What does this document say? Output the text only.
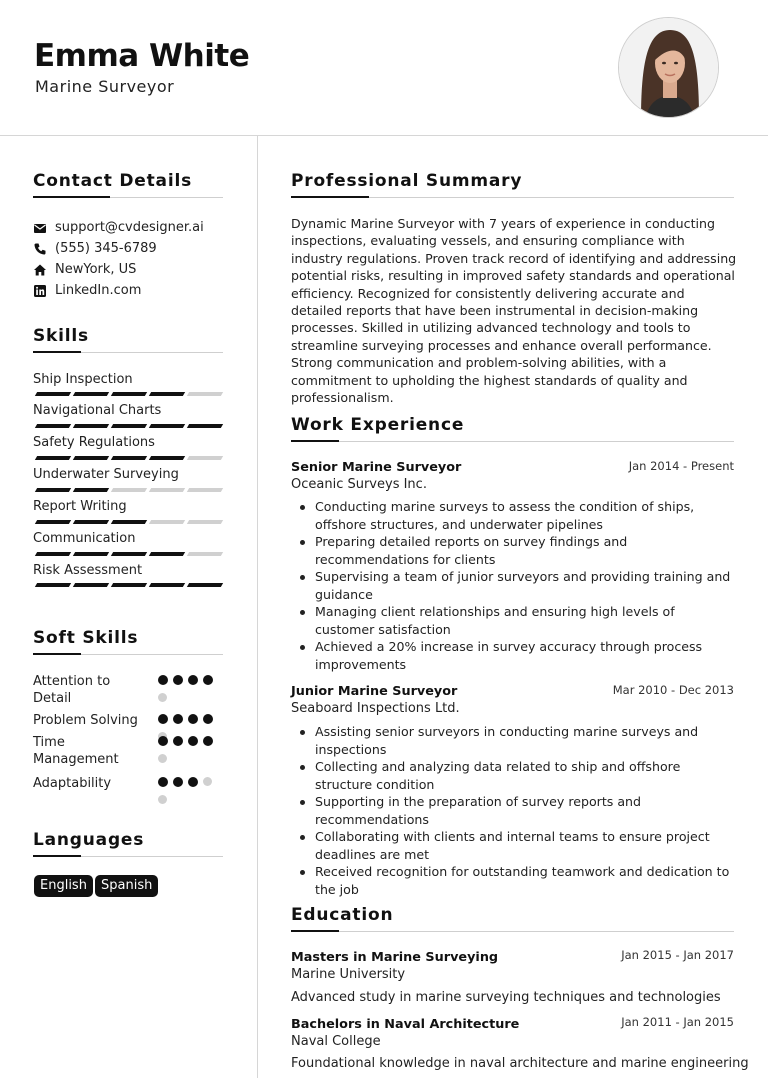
Emma White
Marine Surveyor
Contact Details
support@cvdesigner.ai
(555) 345-6789
NewYork, US
LinkedIn.com
Skills
Ship Inspection
Navigational Charts
Safety Regulations
Underwater Surveying
Report Writing
Communication
Risk Assessment
Soft Skills
Attention to Detail
Problem Solving
Time Management
Adaptability
Languages
English	Spanish
Professional Summary
Dynamic Marine Surveyor with 7 years of experience in conducting inspections, evaluating vessels, and ensuring compliance with industry regulations. Proven track record of identifying and addressing potential risks, resulting in improved safety standards and operational efficiency. Recognized for consistently delivering accurate and detailed reports that have been instrumental in decision-making processes. Skilled in utilizing advanced technology and tools to streamline surveying processes and enhance overall performance. Strong communication and problem-solving abilities, with a commitment to upholding the highest standards of quality and professionalism.
Work Experience
Senior Marine Surveyor	Jan 2014 - Present
Oceanic Surveys Inc.
Conducting marine surveys to assess the condition of ships, offshore structures, and underwater pipelines
Preparing detailed reports on survey findings and recommendations for clients
Supervising a team of junior surveyors and providing training and guidance
Managing client relationships and ensuring high levels of customer satisfaction
Achieved a 20% increase in survey accuracy through process improvements
Junior Marine Surveyor	Mar 2010 - Dec 2013
Seaboard Inspections Ltd.
Assisting senior surveyors in conducting marine surveys and inspections
Collecting and analyzing data related to ship and offshore structure condition
Supporting in the preparation of survey reports and recommendations
Collaborating with clients and internal teams to ensure project deadlines are met
Received recognition for outstanding teamwork and dedication to the job
Education
Masters in Marine Surveying	Jan 2015 - Jan 2017
Marine University
Advanced study in marine surveying techniques and technologies
Bachelors in Naval Architecture	Jan 2011 - Jan 2015
Naval College
Foundational knowledge in naval architecture and marine engineering
